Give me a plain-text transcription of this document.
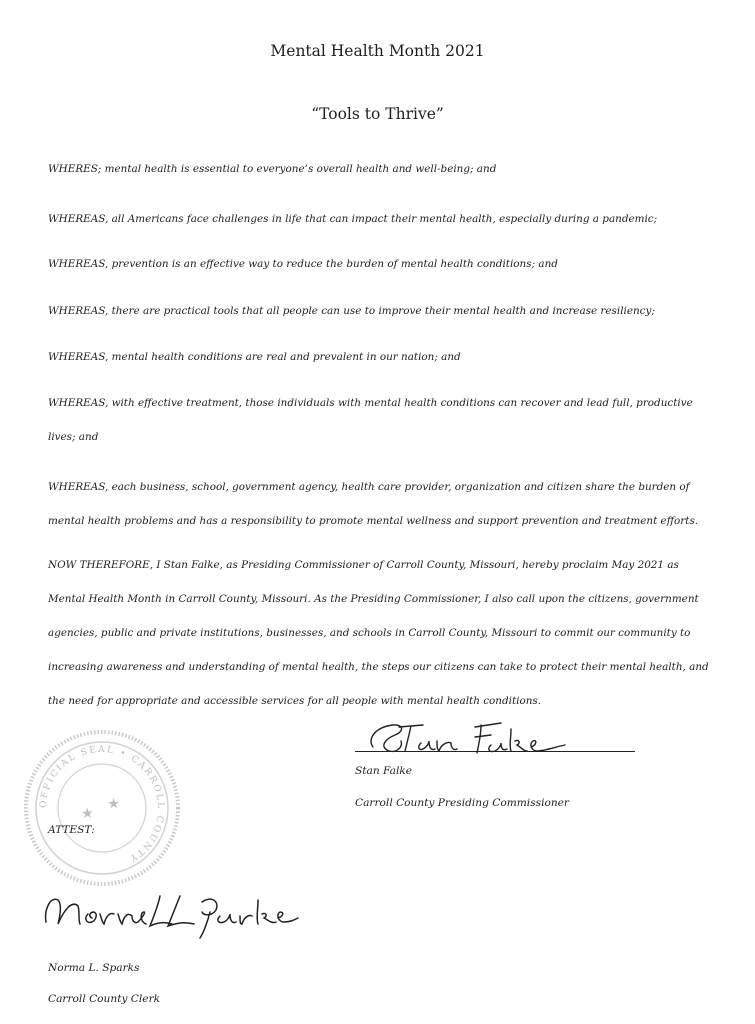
Mental Health Month 2021
“Tools to Thrive”

WHERES; mental health is essential to everyone’s overall health and well-being; and

WHEREAS, all Americans face challenges in life that can impact their mental health, especially during a pandemic;

WHEREAS, prevention is an effective way to reduce the burden of mental health conditions; and

WHEREAS, there are practical tools that all people can use to improve their mental health and increase resiliency;

WHEREAS, mental health conditions are real and prevalent in our nation; and

WHEREAS, with effective treatment, those individuals with mental health conditions can recover and lead full, productive lives; and

WHEREAS, each business, school, government agency, health care provider, organization and citizen share the burden of mental health problems and has a responsibility to promote mental wellness and support prevention and treatment efforts.

NOW THEREFORE, I Stan Falke, as Presiding Commissioner of Carroll County, Missouri, hereby proclaim May 2021 as Mental Health Month in Carroll County, Missouri. As the Presiding Commissioner, I also call upon the citizens, government agencies, public and private institutions, businesses, and schools in Carroll County, Missouri to commit our community to increasing awareness and understanding of mental health, the steps our citizens can take to protect their mental health, and the need for appropriate and accessible services for all people with mental health conditions.

OFFICIAL SEAL • CARROLL COUNTY
★
★
Stan Falke
Stan Falke
Carroll County Presiding Commissioner
ATTEST:
Norma L. Sparks
Norma L. Sparks
Carroll County Clerk
